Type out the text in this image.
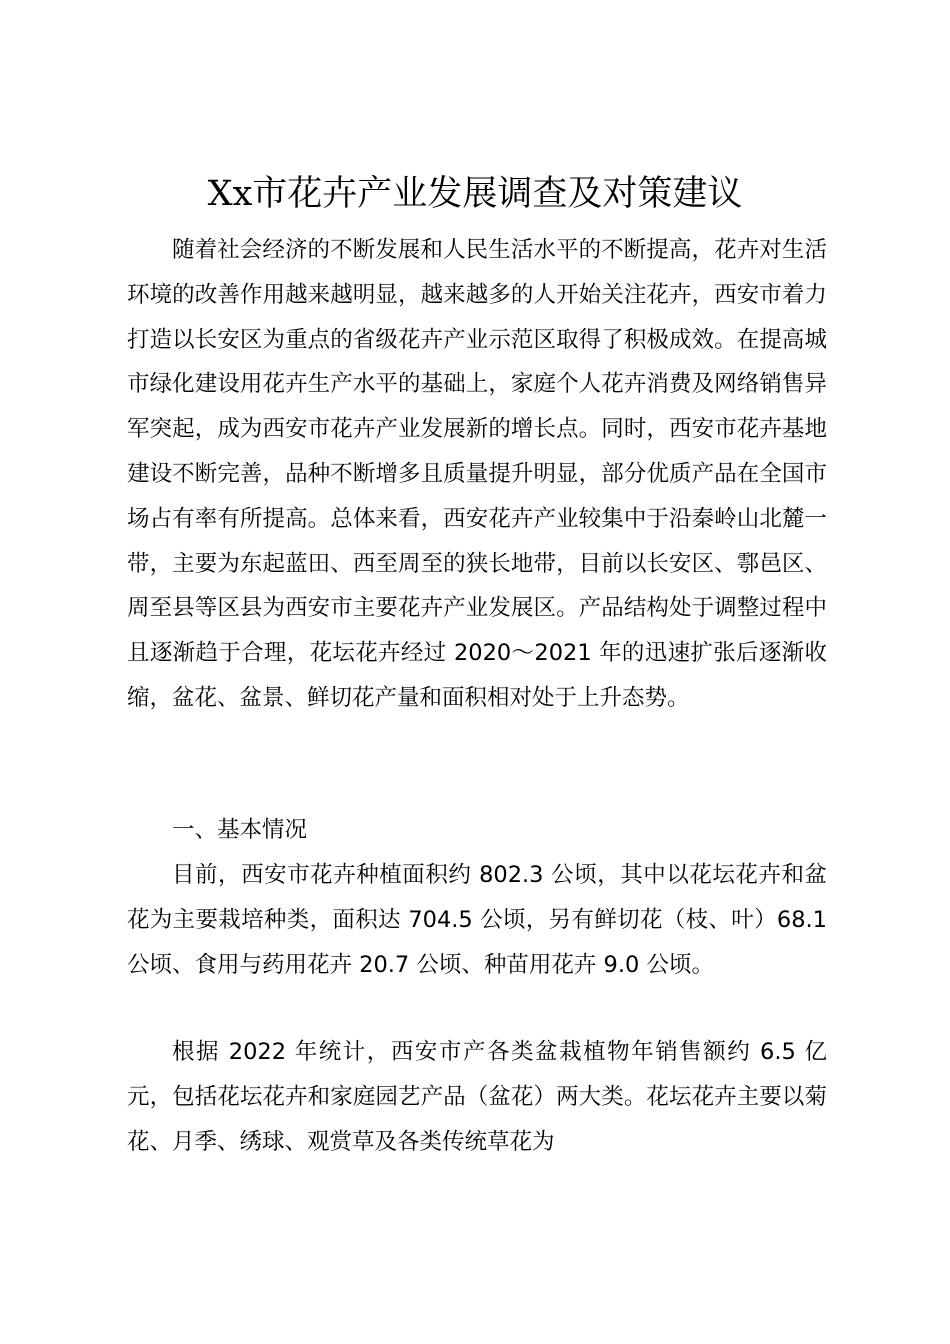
Xx市花卉产业发展调查及对策建议

随着社会经济的不断发展和人民生活水平的不断提高，花卉对生活环境的改善作用越来越明显，越来越多的人开始关注花卉，西安市着力打造以长安区为重点的省级花卉产业示范区取得了积极成效。在提高城市绿化建设用花卉生产水平的基础上，家庭个人花卉消费及网络销售异军突起，成为西安市花卉产业发展新的增长点。同时，西安市花卉基地建设不断完善，品种不断增多且质量提升明显，部分优质产品在全国市场占有率有所提高。总体来看，西安花卉产业较集中于沿秦岭山北麓一带，主要为东起蓝田、西至周至的狭长地带，目前以长安区、鄠邑区、周至县等区县为西安市主要花卉产业发展区。产品结构处于调整过程中且逐渐趋于合理，花坛花卉经过 2020～2021 年的迅速扩张后逐渐收缩，盆花、盆景、鲜切花产量和面积相对处于上升态势。

一、基本情况

目前，西安市花卉种植面积约 802.3 公顷，其中以花坛花卉和盆花为主要栽培种类，面积达 704.5 公顷，另有鲜切花（枝、叶）68.1 公顷、食用与药用花卉 20.7 公顷、种苗用花卉 9.0 公顷。

根据 2022 年统计，西安市产各类盆栽植物年销售额约 6.5 亿元，包括花坛花卉和家庭园艺产品（盆花）两大类。花坛花卉主要以菊花、月季、绣球、观赏草及各类传统草花为
